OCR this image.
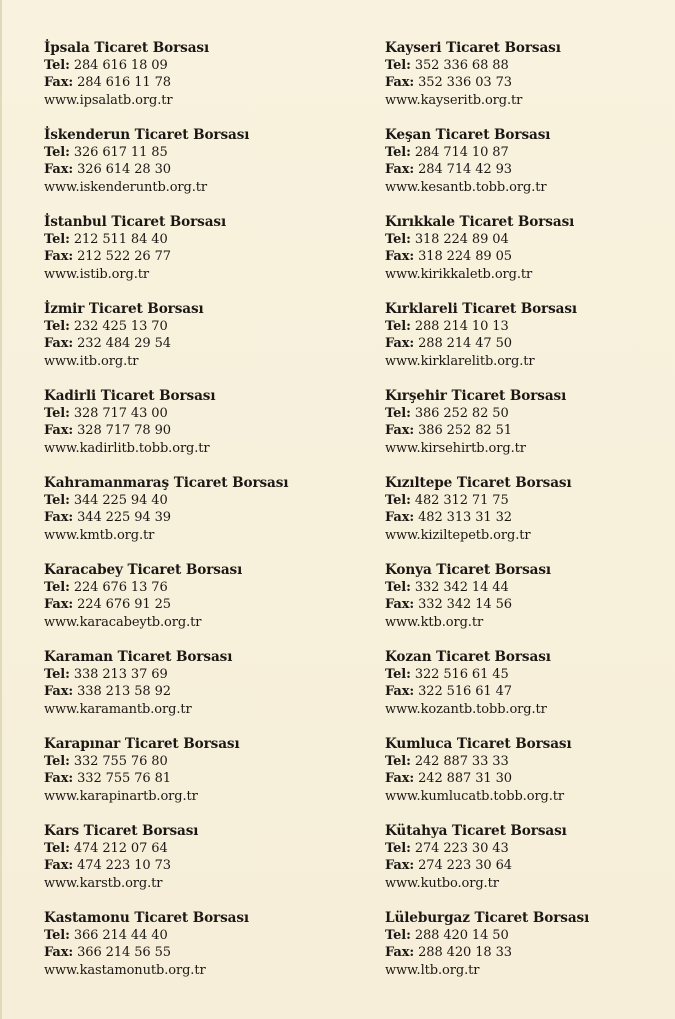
İpsala Ticaret Borsası
Tel: 284 616 18 09
Fax: 284 616 11 78
www.ipsalatb.org.tr
İskenderun Ticaret Borsası
Tel: 326 617 11 85
Fax: 326 614 28 30
www.iskenderuntb.org.tr
İstanbul Ticaret Borsası
Tel: 212 511 84 40
Fax: 212 522 26 77
www.istib.org.tr
İzmir Ticaret Borsası
Tel: 232 425 13 70
Fax: 232 484 29 54
www.itb.org.tr
Kadirli Ticaret Borsası
Tel: 328 717 43 00
Fax: 328 717 78 90
www.kadirlitb.tobb.org.tr
Kahramanmaraş Ticaret Borsası
Tel: 344 225 94 40
Fax: 344 225 94 39
www.kmtb.org.tr
Karacabey Ticaret Borsası
Tel: 224 676 13 76
Fax: 224 676 91 25
www.karacabeytb.org.tr
Karaman Ticaret Borsası
Tel: 338 213 37 69
Fax: 338 213 58 92
www.karamantb.org.tr
Karapınar Ticaret Borsası
Tel: 332 755 76 80
Fax: 332 755 76 81
www.karapinartb.org.tr
Kars Ticaret Borsası
Tel: 474 212 07 64
Fax: 474 223 10 73
www.karstb.org.tr
Kastamonu Ticaret Borsası
Tel: 366 214 44 40
Fax: 366 214 56 55
www.kastamonutb.org.tr
Kayseri Ticaret Borsası
Tel: 352 336 68 88
Fax: 352 336 03 73
www.kayseritb.org.tr
Keşan Ticaret Borsası
Tel: 284 714 10 87
Fax: 284 714 42 93
www.kesantb.tobb.org.tr
Kırıkkale Ticaret Borsası
Tel: 318 224 89 04
Fax: 318 224 89 05
www.kirikkaletb.org.tr
Kırklareli Ticaret Borsası
Tel: 288 214 10 13
Fax: 288 214 47 50
www.kirklarelitb.org.tr
Kırşehir Ticaret Borsası
Tel: 386 252 82 50
Fax: 386 252 82 51
www.kirsehirtb.org.tr
Kızıltepe Ticaret Borsası
Tel: 482 312 71 75
Fax: 482 313 31 32
www.kiziltepetb.org.tr
Konya Ticaret Borsası
Tel: 332 342 14 44
Fax: 332 342 14 56
www.ktb.org.tr
Kozan Ticaret Borsası
Tel: 322 516 61 45
Fax: 322 516 61 47
www.kozantb.tobb.org.tr
Kumluca Ticaret Borsası
Tel: 242 887 33 33
Fax: 242 887 31 30
www.kumlucatb.tobb.org.tr
Kütahya Ticaret Borsası
Tel: 274 223 30 43
Fax: 274 223 30 64
www.kutbo.org.tr
Lüleburgaz Ticaret Borsası
Tel: 288 420 14 50
Fax: 288 420 18 33
www.ltb.org.tr
